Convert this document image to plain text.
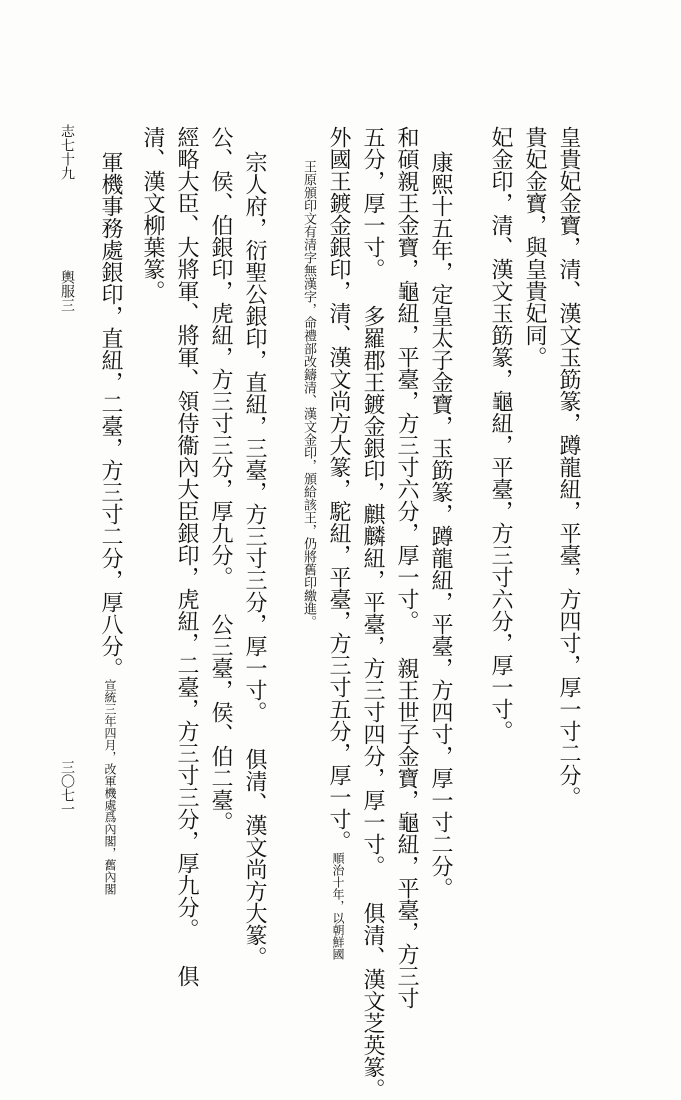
皇貴妃金寶，清、漢文玉筯篆，蹲龍紐，平臺，方四寸，厚一寸二分。
貴妃金寶，與皇貴妃同。
妃金印，清、漢文玉筯篆，龜紐，平臺，方三寸六分，厚一寸。
康熙十五年，定皇太子金寶，玉筯篆，蹲龍紐，平臺，方四寸，厚一寸二分。
和碩親王金寶，龜紐，平臺，方三寸六分，厚一寸。 親王世子金寶，龜紐，平臺，方三寸
五分，厚一寸。 多羅郡王鍍金銀印，麒麟紐，平臺，方三寸四分，厚一寸。 俱清、漢文芝英篆。
外國王鍍金銀印，清、漢文尚方大篆，駝紐，平臺，方三寸五分，厚一寸。順治十年，以朝鮮國
王原頒印文有清字無漢字，命禮部改鑄清、漢文金印，頒給該王，仍將舊印繳進。
宗人府，衍聖公銀印，直紐，三臺，方三寸三分，厚一寸。 俱清、漢文尚方大篆。
公、侯、伯銀印，虎紐，方三寸三分，厚九分。 公三臺，侯、伯二臺。
經略大臣、大將軍、將軍、領侍衞內大臣銀印，虎紐，二臺，方三寸三分，厚九分。 俱
清、漢文柳葉篆。
軍機事務處銀印，直紐，二臺，方三寸二分，厚八分。宣統三年四月，改軍機處爲內閣，舊內閣
志七十九
輿服三
三〇七一
